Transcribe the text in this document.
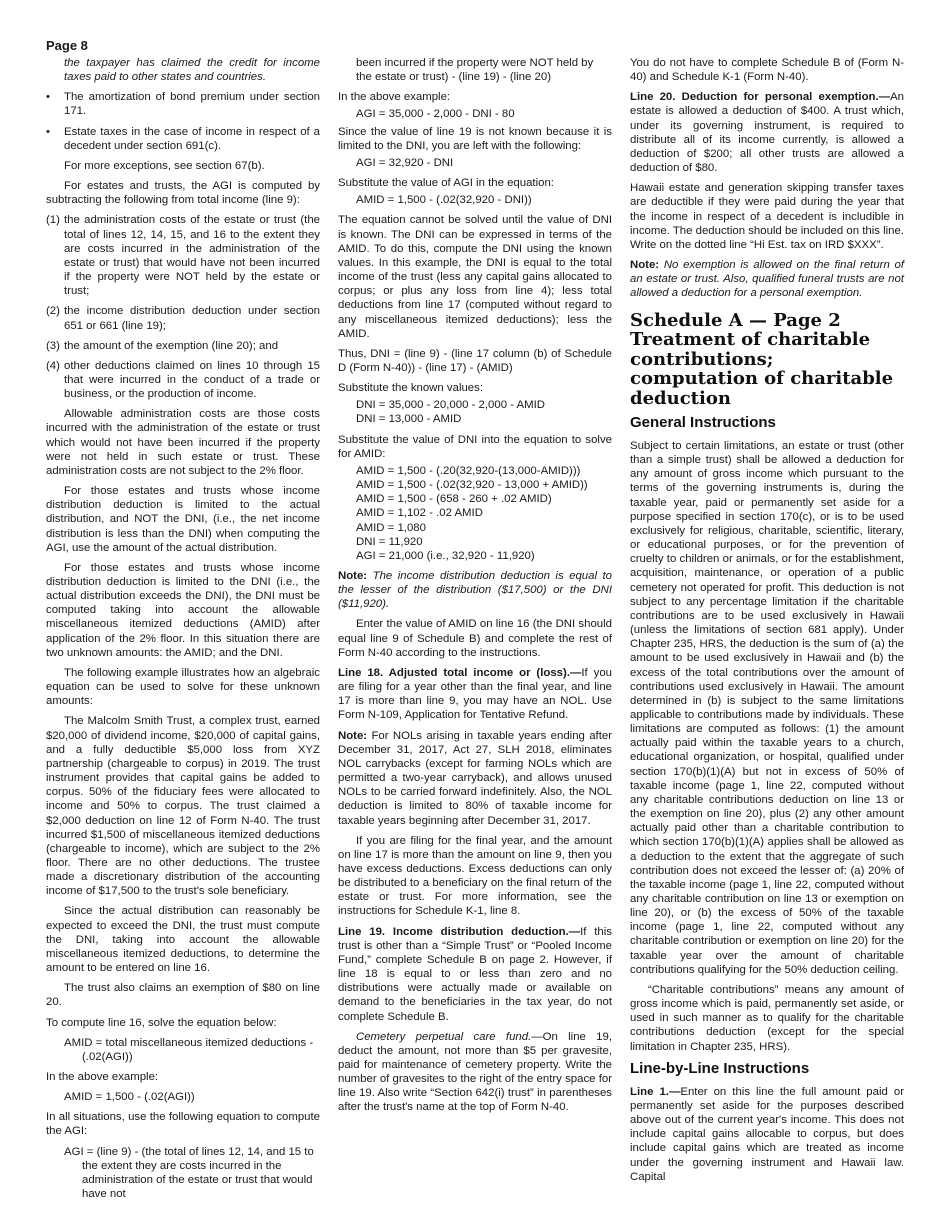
Page 8

the taxpayer has claimed the credit for income taxes paid to other states and countries.

•	The amortization of bond premium under section 171.
•	Estate taxes in the case of income in respect of a decedent under section 691(c).

For more exceptions, see section 67(b).

For estates and trusts, the AGI is computed by subtracting the following from total income (line 9):

(1) the administration costs of the estate or trust (the total of lines 12, 14, 15, and 16 to the extent they are costs incurred in the administration of the estate or trust) that would have not been incurred if the property were NOT held by the estate or trust;
(2) the income distribution deduction under section 651 or 661 (line 19);
(3) the amount of the exemption (line 20); and
(4) other deductions claimed on lines 10 through 15 that were incurred in the conduct of a trade or business, or the production of income.

Allowable administration costs are those costs incurred with the administration of the estate or trust which would not have been incurred if the property were not held in such estate or trust. These administration costs are not subject to the 2% floor.

For those estates and trusts whose income distribution deduction is limited to the actual distribution, and NOT the DNI, (i.e., the net income distribution is less than the DNI) when computing the AGI, use the amount of the actual distribution.

For those estates and trusts whose income distribution deduction is limited to the DNI (i.e., the actual distribution exceeds the DNI), the DNI must be computed taking into account the allowable miscellaneous itemized deductions (AMID) after application of the 2% floor. In this situation there are two unknown amounts: the AMID; and the DNI.

The following example illustrates how an algebraic equation can be used to solve for these unknown amounts:

The Malcolm Smith Trust, a complex trust, earned $20,000 of dividend income, $20,000 of capital gains, and a fully deductible $5,000 loss from XYZ partnership (chargeable to corpus) in 2019. The trust instrument provides that capital gains be added to corpus. 50% of the fiduciary fees were allocated to income and 50% to corpus. The trust claimed a $2,000 deduction on line 12 of Form N-40. The trust incurred $1,500 of miscellaneous itemized deductions (chargeable to income), which are subject to the 2% floor. There are no other deductions. The trustee made a discretionary distribution of the accounting income of $17,500 to the trust's sole beneficiary.

Since the actual distribution can reasonably be expected to exceed the DNI, the trust must compute the DNI, taking into account the allowable miscellaneous itemized deductions, to determine the amount to be entered on line 16.

The trust also claims an exemption of $80 on line 20.

To compute line 16, solve the equation below:

AMID = total miscellaneous itemized deductions - (.02(AGI))

In the above example:

AMID = 1,500 - (.02(AGI))

In all situations, use the following equation to compute the AGI:

AGI = (line 9) - (the total of lines 12, 14, and 15 to the extent they are costs incurred in the administration of the estate or trust that would have not

been incurred if the property were NOT held by the estate or trust) - (line 19) - (line 20)

In the above example:

AGI = 35,000 - 2,000 - DNI - 80

Since the value of line 19 is not known because it is limited to the DNI, you are left with the following:

AGI = 32,920 - DNI

Substitute the value of AGI in the equation:

AMID = 1,500 - (.02(32,920 - DNI))

The equation cannot be solved until the value of DNI is known. The DNI can be expressed in terms of the AMID. To do this, compute the DNI using the known values. In this example, the DNI is equal to the total income of the trust (less any capital gains allocated to corpus; or plus any loss from line 4); less total deductions from line 17 (computed without regard to any miscellaneous itemized deductions); less the AMID.

Thus, DNI = (line 9) - (line 17 column (b) of Schedule D (Form N-40)) - (line 17) - (AMID)

Substitute the known values:

DNI = 35,000 - 20,000 - 2,000 - AMID
DNI = 13,000 - AMID

Substitute the value of DNI into the equation to solve for AMID:

AMID = 1,500 - (.20(32,920-(13,000-AMID)))
AMID = 1,500 - (.02(32,920 - 13,000 + AMID))
AMID = 1,500 - (658 - 260 + .02 AMID)
AMID = 1,102 - .02 AMID
AMID = 1,080
DNI = 11,920
AGI = 21,000 (i.e., 32,920 - 11,920)

Note: The income distribution deduction is equal to the lesser of the distribution ($17,500) or the DNI ($11,920).

Enter the value of AMID on line 16 (the DNI should equal line 9 of Schedule B) and complete the rest of Form N-40 according to the instructions.

Line 18. Adjusted total income or (loss).—If you are filing for a year other than the final year, and line 17 is more than line 9, you may have an NOL. Use Form N-109, Application for Tentative Refund.

Note: For NOLs arising in taxable years ending after December 31, 2017, Act 27, SLH 2018, eliminates NOL carrybacks (except for farming NOLs which are permitted a two-year carryback), and allows unused NOLs to be carried forward indefinitely. Also, the NOL deduction is limited to 80% of taxable income for taxable years beginning after December 31, 2017.

If you are filing for the final year, and the amount on line 17 is more than the amount on line 9, then you have excess deductions. Excess deductions can only be distributed to a beneficiary on the final return of the estate or trust. For more information, see the instructions for Schedule K-1, line 8.

Line 19. Income distribution deduction.—If this trust is other than a “Simple Trust” or “Pooled Income Fund,” complete Schedule B on page 2. However, if line 18 is equal to or less than zero and no distributions were actually made or available on demand to the beneficiaries in the tax year, do not complete Schedule B.

Cemetery perpetual care fund.—On line 19, deduct the amount, not more than $5 per gravesite, paid for maintenance of cemetery property. Write the number of gravesites to the right of the entry space for line 19. Also write “Section 642(i) trust” in parentheses after the trust's name at the top of Form N-40.

You do not have to complete Schedule B of (Form N-40) and Schedule K-1 (Form N-40).

Line 20. Deduction for personal exemption.—An estate is allowed a deduction of $400. A trust which, under its governing instrument, is required to distribute all of its income currently, is allowed a deduction of $200; all other trusts are allowed a deduction of $80.

Hawaii estate and generation skipping transfer taxes are deductible if they were paid during the year that the income in respect of a decedent is includible in income. The deduction should be included on this line. Write on the dotted line “Hi Est. tax on IRD $XXX”.

Note: No exemption is allowed on the final return of an estate or trust. Also, qualified funeral trusts are not allowed a deduction for a personal exemption.

Schedule A — Page 2 Treatment of charitable contributions; computation of charitable deduction
General Instructions

Subject to certain limitations, an estate or trust (other than a simple trust) shall be allowed a deduction for any amount of gross income which pursuant to the terms of the governing instruments is, during the taxable year, paid or permanently set aside for a purpose specified in section 170(c), or is to be used exclusively for religious, charitable, scientific, literary, or educational purposes, or for the prevention of cruelty to children or animals, or for the establishment, acquisition, maintenance, or operation of a public cemetery not operated for profit. This deduction is not subject to any percentage limitation if the charitable contributions are to be used exclusively in Hawaii (unless the limitations of section 681 apply). Under Chapter 235, HRS, the deduction is the sum of (a) the amount to be used exclusively in Hawaii and (b) the excess of the total contributions over the amount of contributions used exclusively in Hawaii. The amount determined in (b) is subject to the same limitations applicable to contributions made by individuals. These limitations are computed as follows: (1) the amount actually paid within the taxable years to a church, educational organization, or hospital, qualified under section 170(b)(1)(A) but not in excess of 50% of taxable income (page 1, line 22, computed without any charitable contributions deduction on line 13 or the exemption on line 20), plus (2) any other amount actually paid other than a charitable contribution to which section 170(b)(1)(A) applies shall be allowed as a deduction to the extent that the aggregate of such contribution does not exceed the lesser of: (a) 20% of the taxable income (page 1, line 22, computed without any charitable contribution on line 13 or exemption on line 20), or (b) the excess of 50% of the taxable income (page 1, line 22, computed without any charitable contribution or exemption on line 20) for the taxable year over the amount of charitable contributions qualifying for the 50% deduction ceiling.

“Charitable contributions” means any amount of gross income which is paid, permanently set aside, or used in such manner as to qualify for the charitable contributions deduction (except for the special limitation in Chapter 235, HRS).

Line-by-Line Instructions

Line 1.—Enter on this line the full amount paid or permanently set aside for the purposes described above out of the current year's income. This does not include capital gains allocable to corpus, but does include capital gains which are treated as income under the governing instrument and Hawaii law. Capital
